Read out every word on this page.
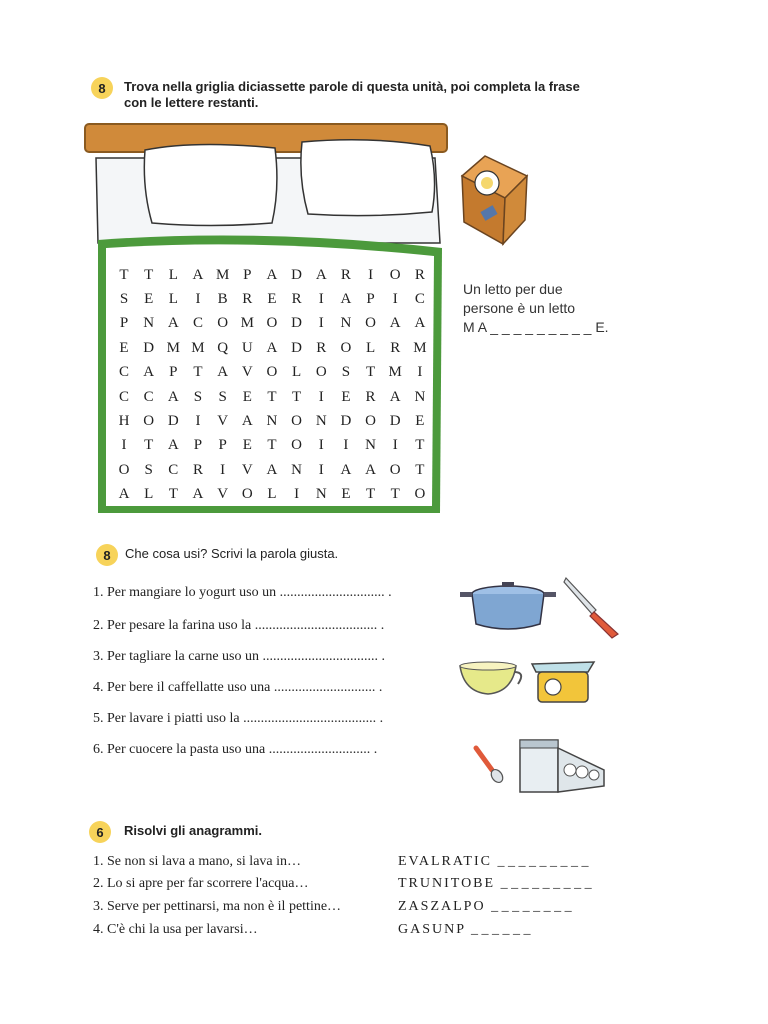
8	Trova nella griglia diciassette parole di questa unità, poi completa la frase
con le lettere restanti.
T	T	L A M P	A D A R	I	O R
S	E	L	I	B R	E	R	I	A	P	I	C
P	N A C O M O D	I	N O A A
E D M M Q U A D R O L	R M
C A	P	T A V O L O	S	T M	I
C C A	S	S	E	T	T	I	E	R A N
H O D	I	V A N O N D O D E
I	T A	P	P	E	T O	I	I	N	I	T
O	S	C R	I	V A N	I	A A O T
A L	T A V O L	I	N E	T	T O
Un letto per due
persone è un letto
M A _ _ _ _ _ _ _ _ _ E.
8	Che cosa usi? Scrivi la parola giusta.
1. Per mangiare lo yogurt uso un .............................. .
2. Per pesare la farina uso la ................................... .
3. Per tagliare la carne uso un ................................. .
4. Per bere il caffellatte uso una ............................. .
5. Per lavare i piatti uso la ...................................... .
6. Per cuocere la pasta uso una ............................. .
6	Risolvi gli anagrammi.
1. Se non si lava a mano, si lava in…	EVALRATIC _ _ _ _ _ _ _ _ _
2. Lo si apre per far scorrere l'acqua…	TRUNITOBE _ _ _ _ _ _ _ _ _
3. Serve per pettinarsi, ma non è il pettine…	ZASZALPO _ _ _ _ _ _ _ _
4. C'è chi la usa per lavarsi…	GASUNP _ _ _ _ _ _
